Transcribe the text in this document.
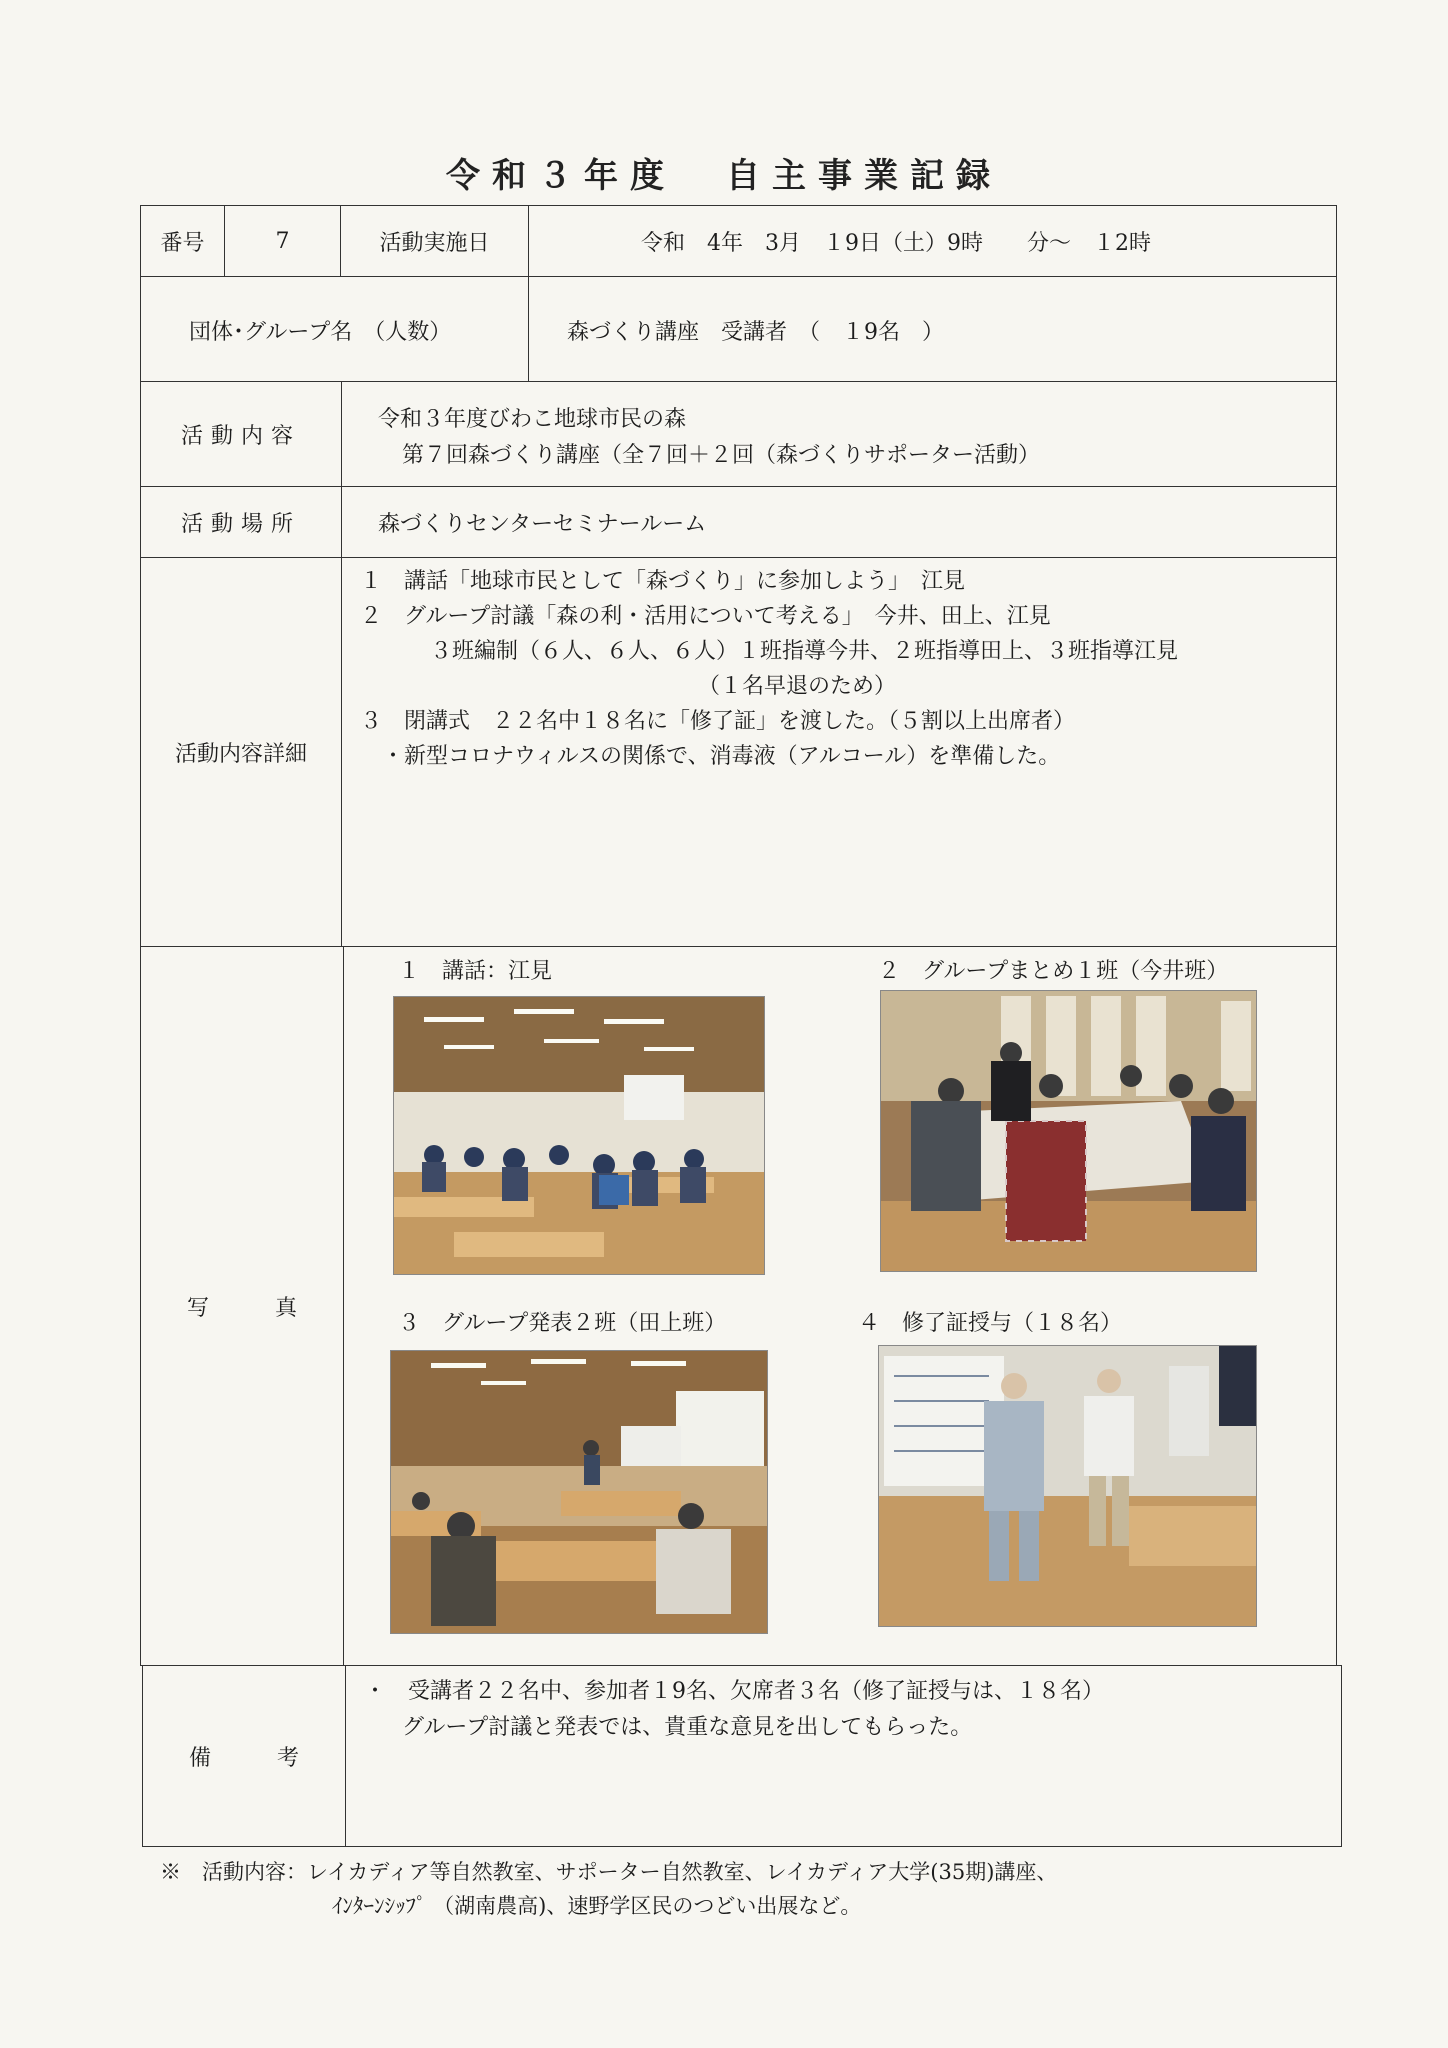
令和３年度 自主事業記録
番号	7	活動実施日	令和　4年　3月　１9日（土）9時　　分～　１2時
団体･グループ名　（人数）	森づくり講座　受講者　（　１9名　）
活動内容
令和３年度びわこ地球市民の森
第７回森づくり講座（全７回＋２回（森づくりサポーター活動）
活動場所	森づくりセンターセミナールーム
活動内容詳細
１　講話「地球市民として「森づくり」に参加しよう」　江見
２　グループ討議「森の利・活用について考える」　今井、田上、江見
３班編制（６人、６人、６人）１班指導今井、２班指導田上、３班指導江見
（１名早退のため）
３　閉講式　２２名中１８名に「修了証」を渡した。（５割以上出席者）
・新型コロナウィルスの関係で、消毒液（アルコール）を準備した。
写　　　真
１　講話：江見	２　グループまとめ１班（今井班）
３　グループ発表２班（田上班）	４　修了証授与（１８名）
備　　　考
・　受講者２２名中、参加者１9名、欠席者３名（修了証授与は、１８名）
グループ討議と発表では、貴重な意見を出してもらった。
※　活動内容：レイカディア等自然教室、サポーター自然教室、レイカディア大学(35期)講座、
ｲﾝﾀｰﾝｼｯﾌﾟ （湖南農高)、速野学区民のつどい出展など。
